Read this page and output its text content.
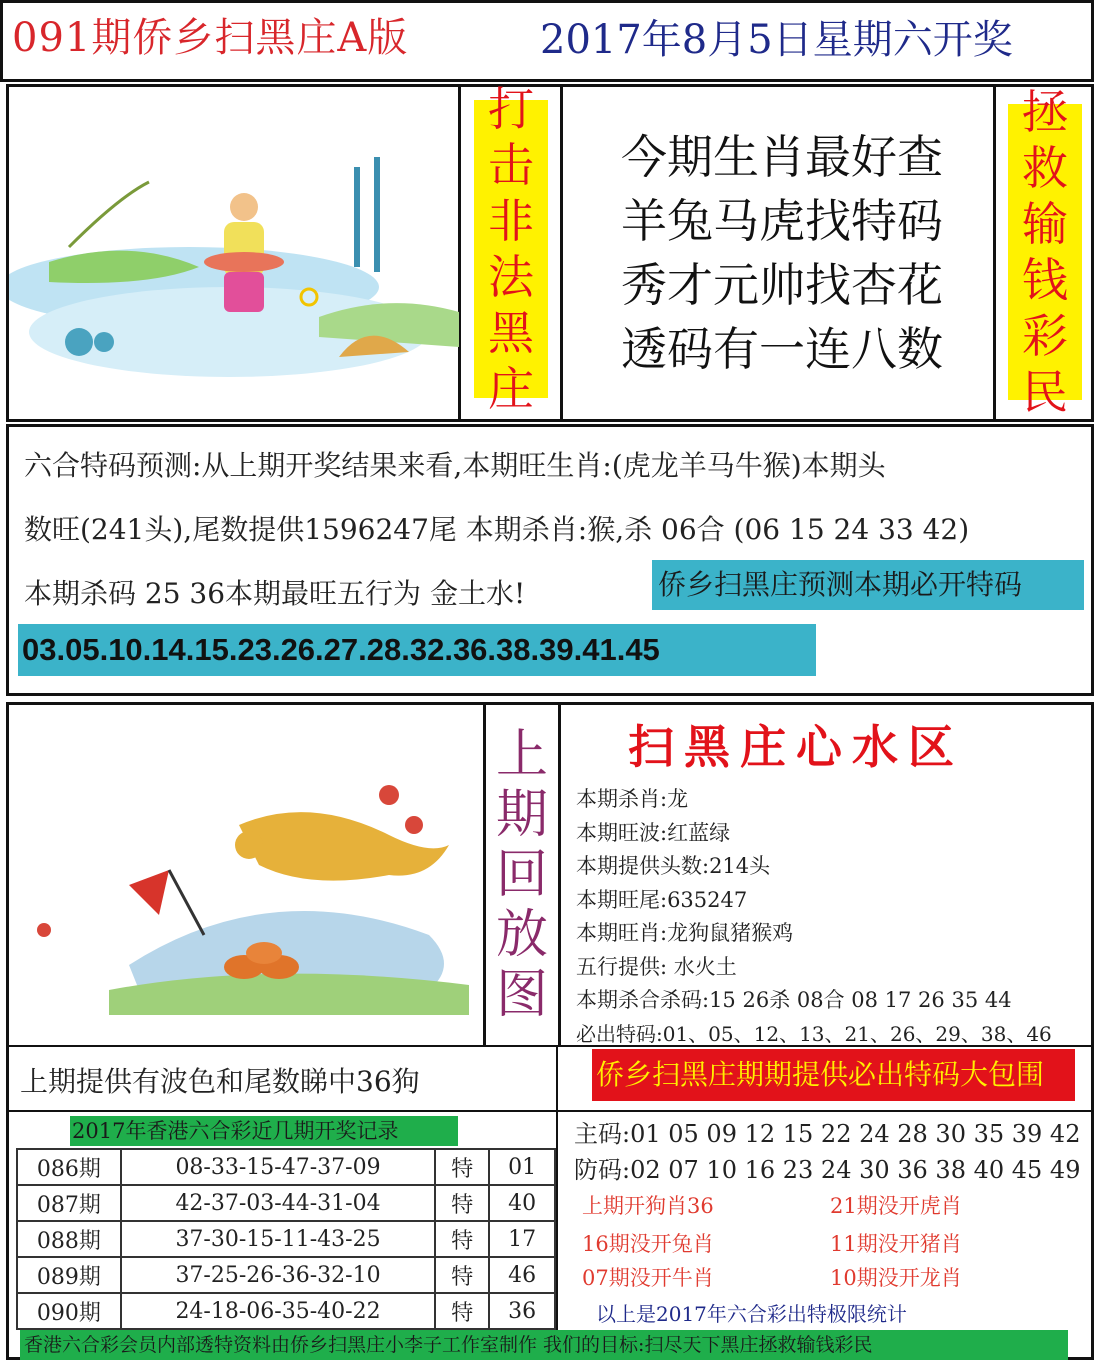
091期侨乡扫黑庄A版	2017年8月5日星期六开奖
打
击
非
法
黑
庄
今期生肖最好查
羊兔马虎找特码
秀才元帅找杏花
透码有一连八数
拯
救
输
钱
彩
民
六合特码预测:从上期开奖结果来看,本期旺生肖:(虎龙羊马牛猴)本期头
数旺(241头),尾数提供1596247尾 本期杀肖:猴,杀 06合 (06 15 24 33 42)
本期杀码 25 36本期最旺五行为 金土水!	侨乡扫黑庄预测本期必开特码
03.05.10.14.15.23.26.27.28.32.36.38.39.41.45
上
期
回
放
图
扫黑庄心水区
本期杀肖:龙
本期旺波:红蓝绿
本期提供头数:214头
本期旺尾:635247
本期旺肖:龙狗鼠猪猴鸡
五行提供: 水火土
本期杀合杀码:15 26杀 08合 08 17 26 35 44
必出特码:01、05、12、13、21、26、29、38、46
上期提供有波色和尾数睇中36狗	侨乡扫黑庄期期提供必出特码大包围
2017年香港六合彩近几期开奖记录
086期	08-33-15-47-37-09	特	01
087期	42-37-03-44-31-04	特	40
088期	37-30-15-11-43-25	特	17
089期	37-25-26-36-32-10	特	46
090期	24-18-06-35-40-22	特	36
主码:01 05 09 12 15 22 24 28 30 35 39 42
防码:02 07 10 16 23 24 30 36 38 40 45 49
上期开狗肖36	21期没开虎肖
16期没开兔肖	11期没开猪肖
07期没开牛肖	10期没开龙肖
以上是2017年六合彩出特极限统计
香港六合彩会员内部透特资料由侨乡扫黑庄小李子工作室制作 我们的目标:扫尽天下黑庄拯救输钱彩民
